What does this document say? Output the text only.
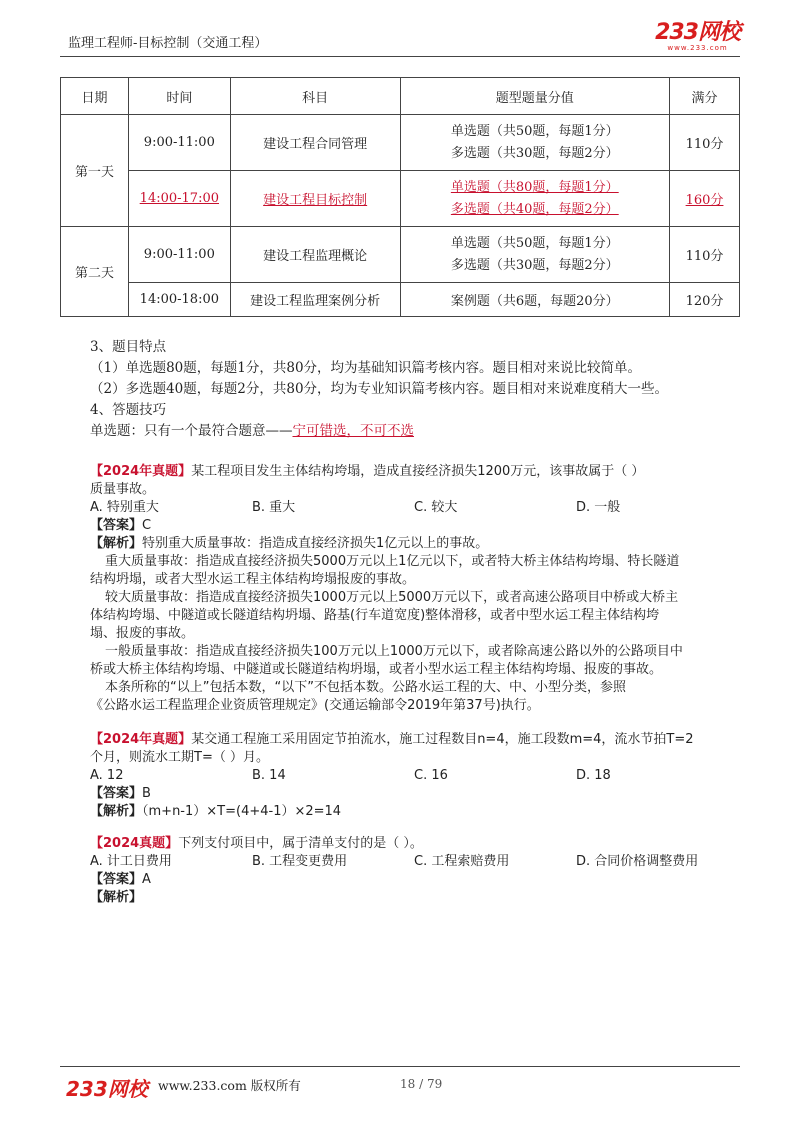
监理工程师-目标控制（交通工程）	233网校
www.233.com
日期	时间	科目	题型题量分值	满分
第一天	9:00-11:00	建设工程合同管理	单选题（共50题，每题1分）
多选题（共30题，每题2分）	110分
	14:00-17:00	建设工程目标控制	单选题（共80题，每题1分）
多选题（共40题，每题2分）	160分
第二天	9:00-11:00	建设工程监理概论	单选题（共50题，每题1分）
多选题（共30题，每题2分）	110分
	14:00-18:00	建设工程监理案例分析	案例题（共6题，每题20分）	120分
3、题目特点
（1）单选题80题，每题1分，共80分，均为基础知识篇考核内容。题目相对来说比较简单。
（2）多选题40题，每题2分，共80分，均为专业知识篇考核内容。题目相对来说难度稍大一些。
4、答题技巧
单选题：只有一个最符合题意——宁可错选，不可不选
【2024年真题】某工程项目发生主体结构垮塌，造成直接经济损失1200万元，该事故属于（ ）
质量事故。
A. 特别重大	B. 重大	C. 较大	D. 一般
【答案】C
【解析】特别重大质量事故：指造成直接经济损失1亿元以上的事故。
重大质量事故：指造成直接经济损失5000万元以上1亿元以下，或者特大桥主体结构垮塌、特长隧道
结构坍塌，或者大型水运工程主体结构垮塌报废的事故。
较大质量事故：指造成直接经济损失1000万元以上5000万元以下，或者高速公路项目中桥或大桥主
体结构垮塌、中隧道或长隧道结构坍塌、路基(行车道宽度)整体滑移，或者中型水运工程主体结构垮
塌、报废的事故。
一般质量事故：指造成直接经济损失100万元以上1000万元以下，或者除高速公路以外的公路项目中
桥或大桥主体结构垮塌、中隧道或长隧道结构坍塌，或者小型水运工程主体结构垮塌、报废的事故。
本条所称的“以上”包括本数，“以下”不包括本数。公路水运工程的大、中、小型分类，参照
《公路水运工程监理企业资质管理规定》(交通运输部令2019年第37号)执行。
【2024年真题】某交通工程施工采用固定节拍流水，施工过程数目n=4，施工段数m=4，流水节拍T=2
个月，则流水工期T=（ ）月。
A. 12	B. 14	C. 16	D. 18
【答案】B
【解析】（m+n-1）×T=(4+4-1）×2=14
【2024真题】下列支付项目中，属于清单支付的是（ ）。
A. 计工日费用	B. 工程变更费用	C. 工程索赔费用	D. 合同价格调整费用
【答案】A
【解析】
233网校 www.233.com 版权所有	18 / 79
